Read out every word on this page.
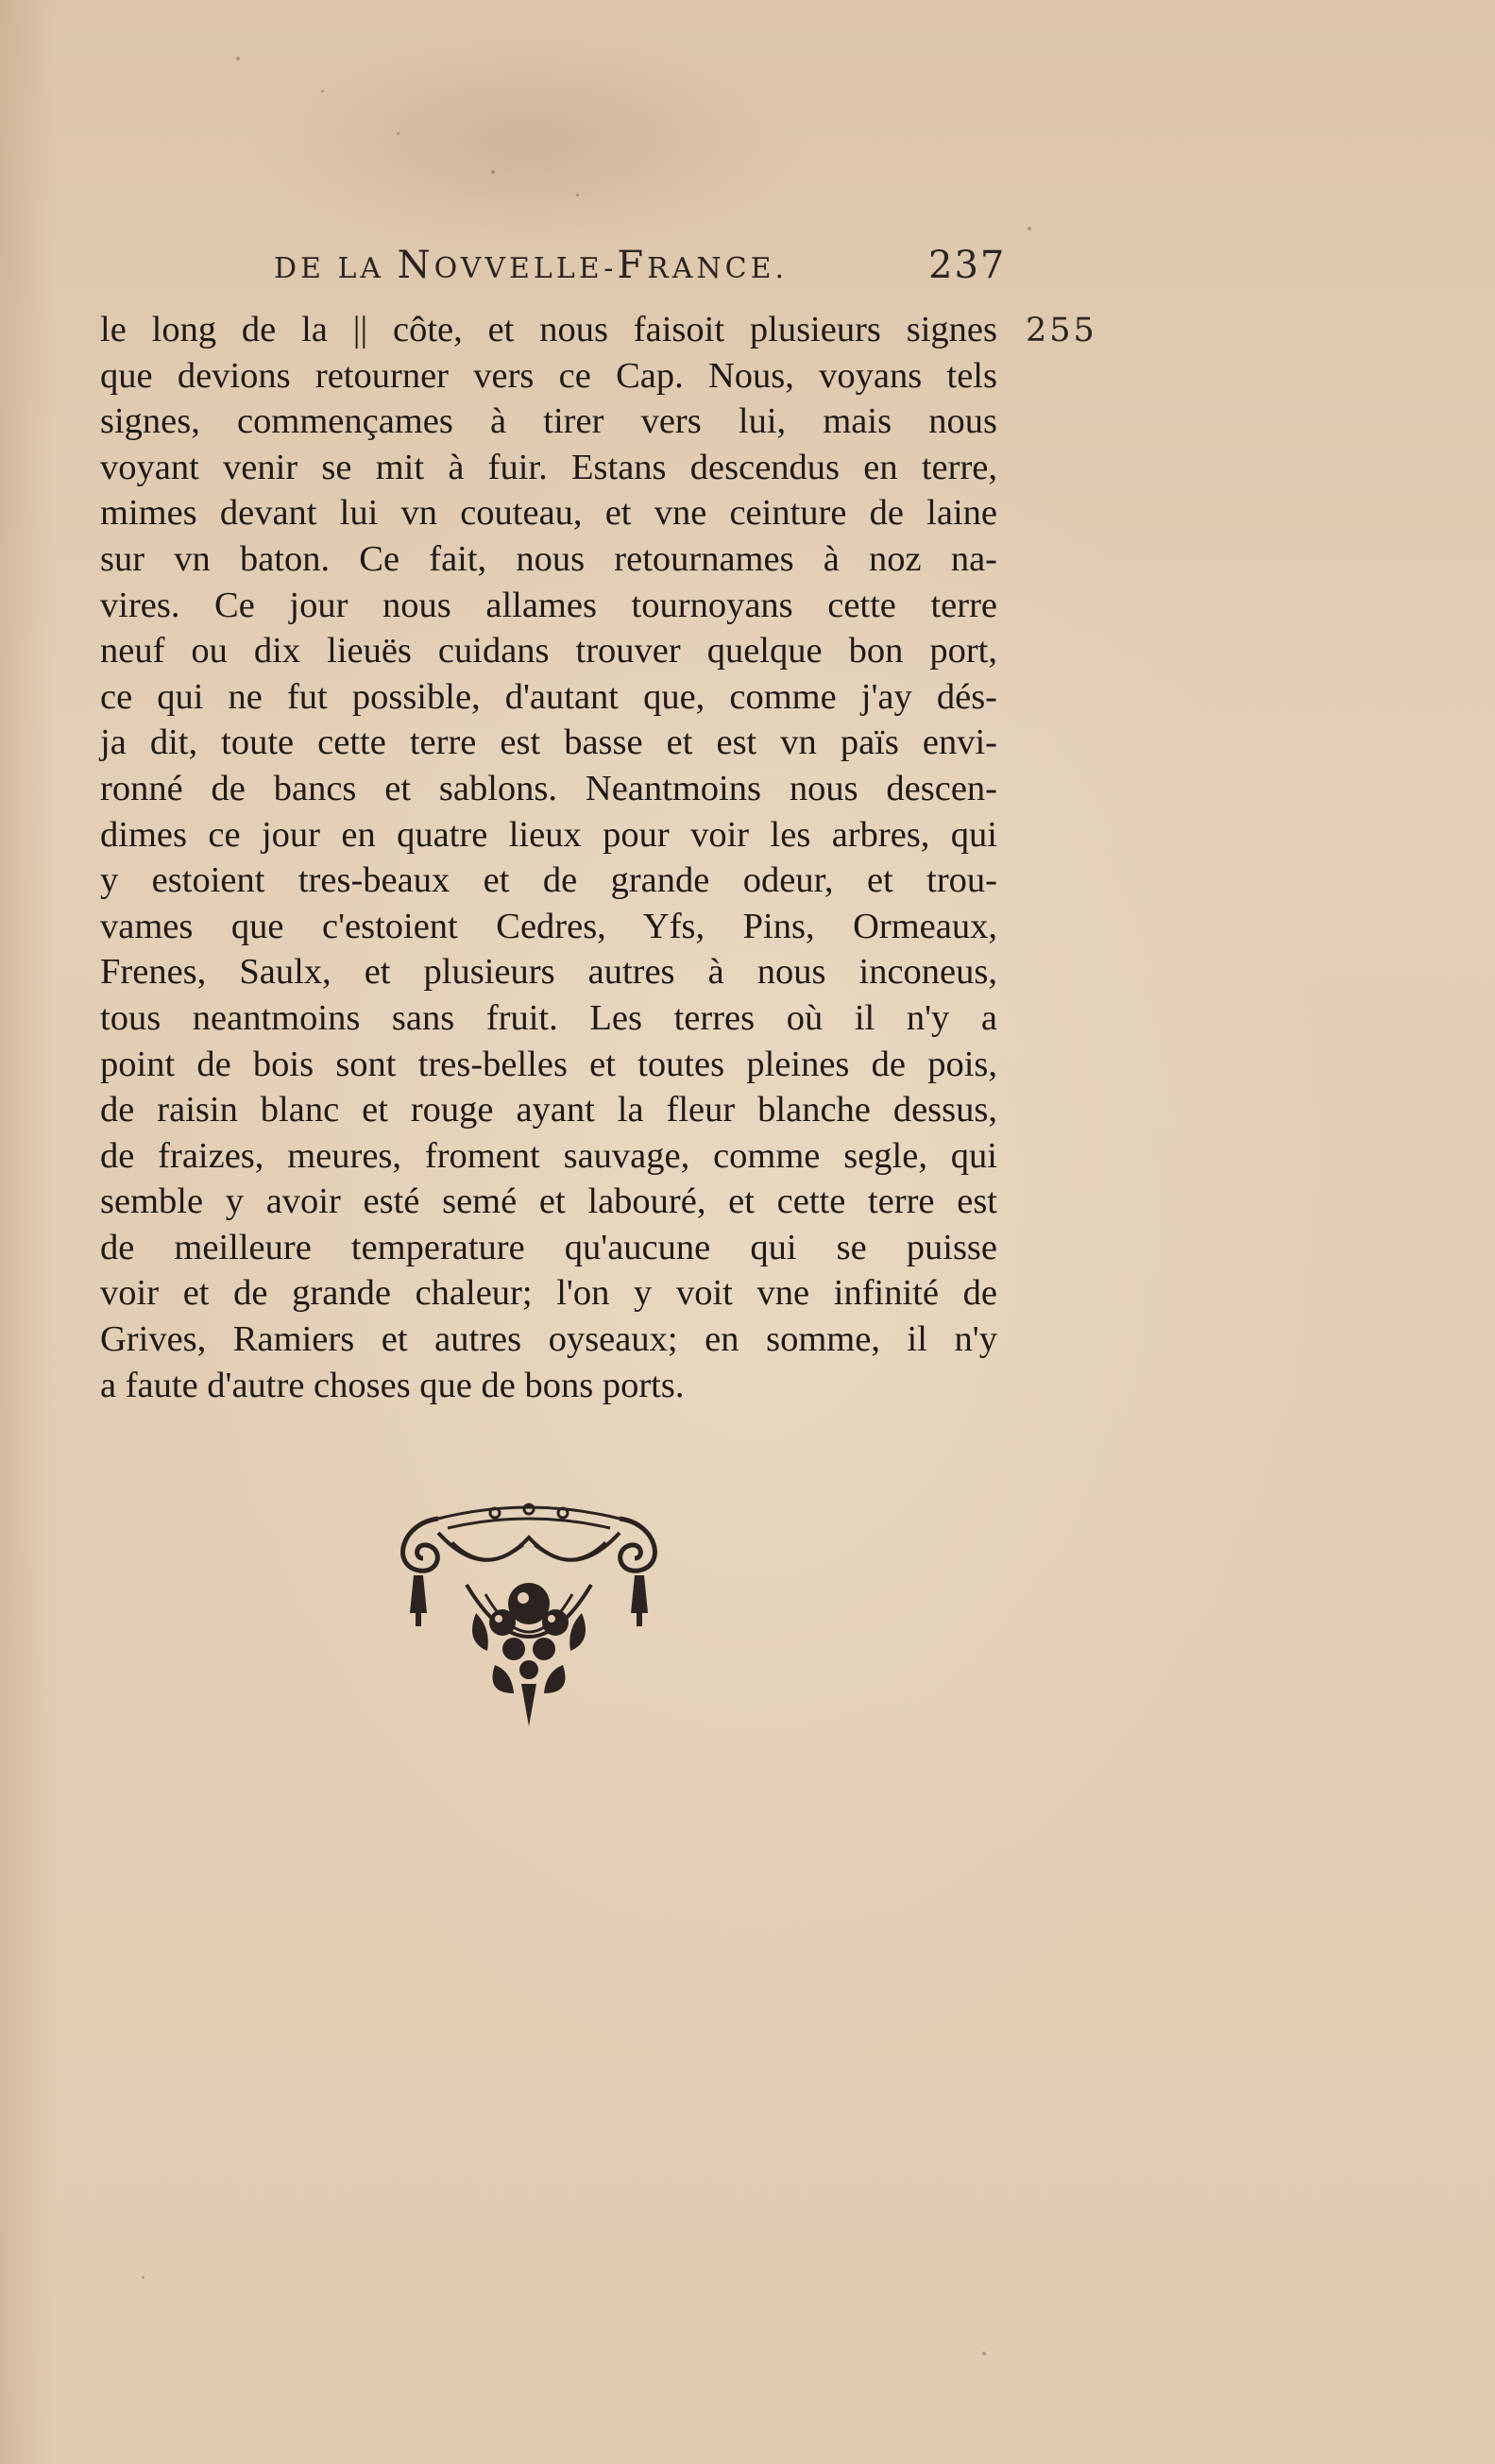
DE LA NOVVELLE-FRANCE.	237
255
le long de la || côte, et nous faisoit plusieurs signes
que devions retourner vers ce Cap. Nous, voyans tels
signes, commençames à tirer vers lui, mais nous
voyant venir se mit à fuir. Estans descendus en terre,
mimes devant lui vn couteau, et vne ceinture de laine
sur vn baton. Ce fait, nous retournames à noz na-
vires. Ce jour nous allames tournoyans cette terre
neuf ou dix lieuës cuidans trouver quelque bon port,
ce qui ne fut possible, d'autant que, comme j'ay dés-
ja dit, toute cette terre est basse et est vn païs envi-
ronné de bancs et sablons. Neantmoins nous descen-
dimes ce jour en quatre lieux pour voir les arbres, qui
y estoient tres-beaux et de grande odeur, et trou-
vames que c'estoient Cedres, Yfs, Pins, Ormeaux,
Frenes, Saulx, et plusieurs autres à nous inconeus,
tous neantmoins sans fruit. Les terres où il n'y a
point de bois sont tres-belles et toutes pleines de pois,
de raisin blanc et rouge ayant la fleur blanche dessus,
de fraizes, meures, froment sauvage, comme segle, qui
semble y avoir esté semé et labouré, et cette terre est
de meilleure temperature qu'aucune qui se puisse
voir et de grande chaleur; l'on y voit vne infinité de
Grives, Ramiers et autres oyseaux; en somme, il n'y
a faute d'autre choses que de bons ports.
